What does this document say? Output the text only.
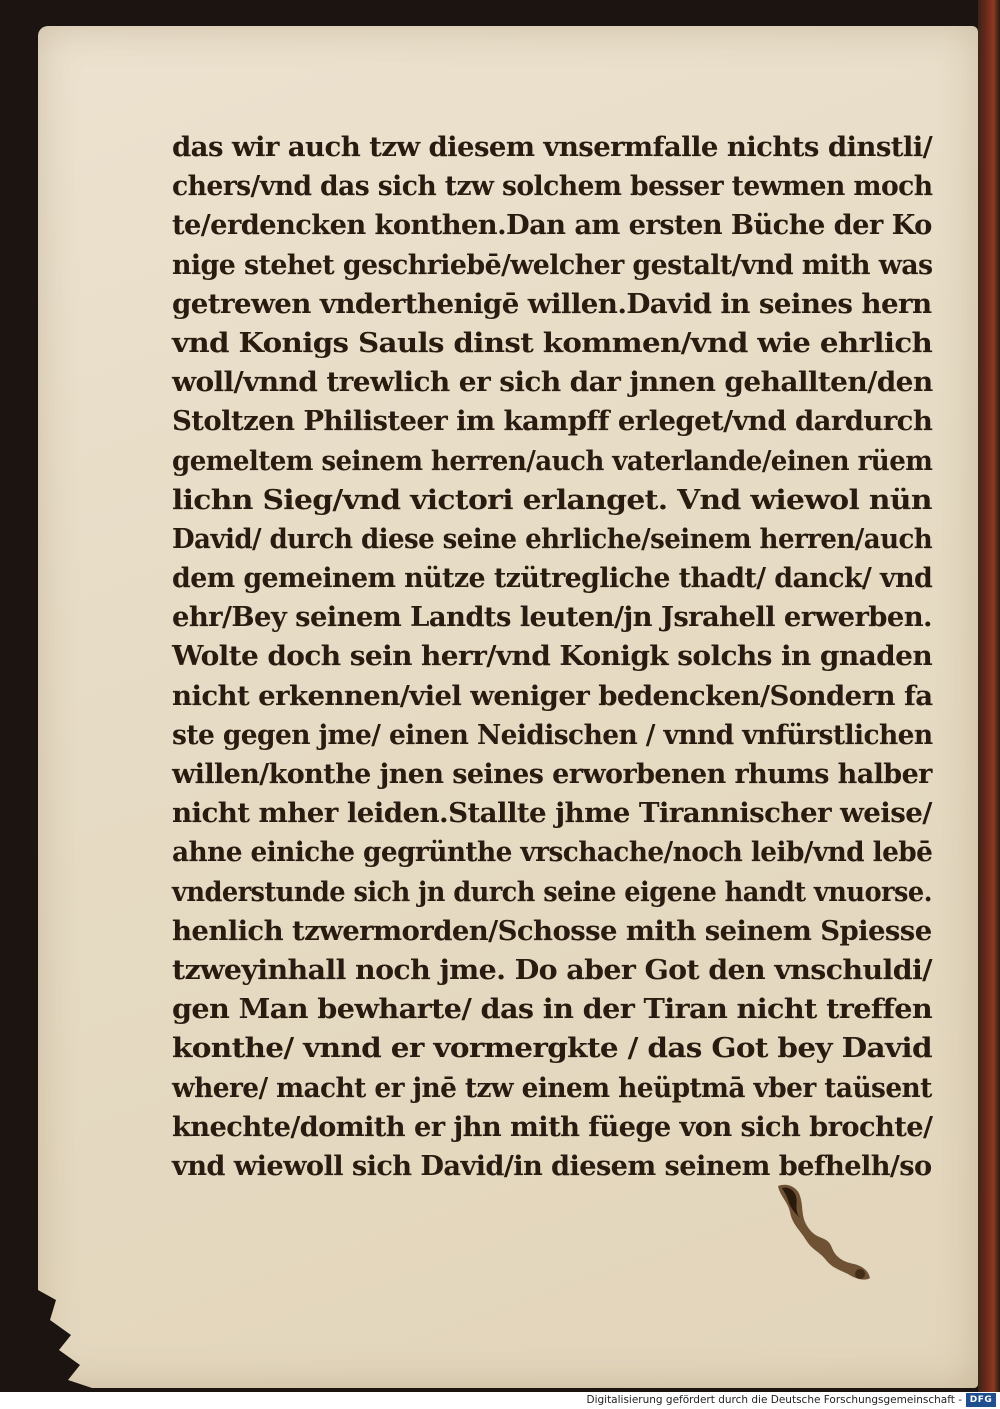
das wir auch tzw diesem vnsermfalle nichts dinstli/
chers/vnd das sich tzw solchem besser tewmen moch
te/erdencken konthen.Dan am ersten Büche der Ko
nige stehet geschriebē/welcher gestalt/vnd mith was
getrewen vnderthenigē willen.David in seines hern
vnd Konigs Sauls dinst kommen/vnd wie ehrlich
woll/vnnd trewlich er sich dar jnnen gehallten/den
Stoltzen Philisteer im kampff erleget/vnd dardurch
gemeltem seinem herren/auch vaterlande/einen rüem
lichn Sieg/vnd victori erlanget. Vnd wiewol nün
David/ durch diese seine ehrliche/seinem herren/auch
dem gemeinem nütze tzütregliche thadt/ danck/ vnd
ehr/Bey seinem Landts leuten/jn Jsrahell erwerben.
Wolte doch sein herr/vnd Konigk solchs in gnaden
nicht erkennen/viel weniger bedencken/Sondern fa
ste gegen jme/ einen Neidischen / vnnd vnfürstlichen
willen/konthe jnen seines erworbenen rhums halber
nicht mher leiden.Stallte jhme Tirannischer weise/
ahne einiche gegrünthe vrschache/noch leib/vnd lebē
vnderstunde sich jn durch seine eigene handt vnuorse.
henlich tzwermorden/Schosse mith seinem Spiesse
tzweyinhall noch jme. Do aber Got den vnschuldi/
gen Man bewharte/ das in der Tiran nicht treffen
konthe/ vnnd er vormergkte / das Got bey David
where/ macht er jnē tzw einem heüptmā vber taüsent
knechte/domith er jhn mith füege von sich brochte/
vnd wiewoll sich David/in diesem seinem befhelh/so
Digitalisierung gefördert durch die Deutsche Forschungsgemeinschaft - DFG
